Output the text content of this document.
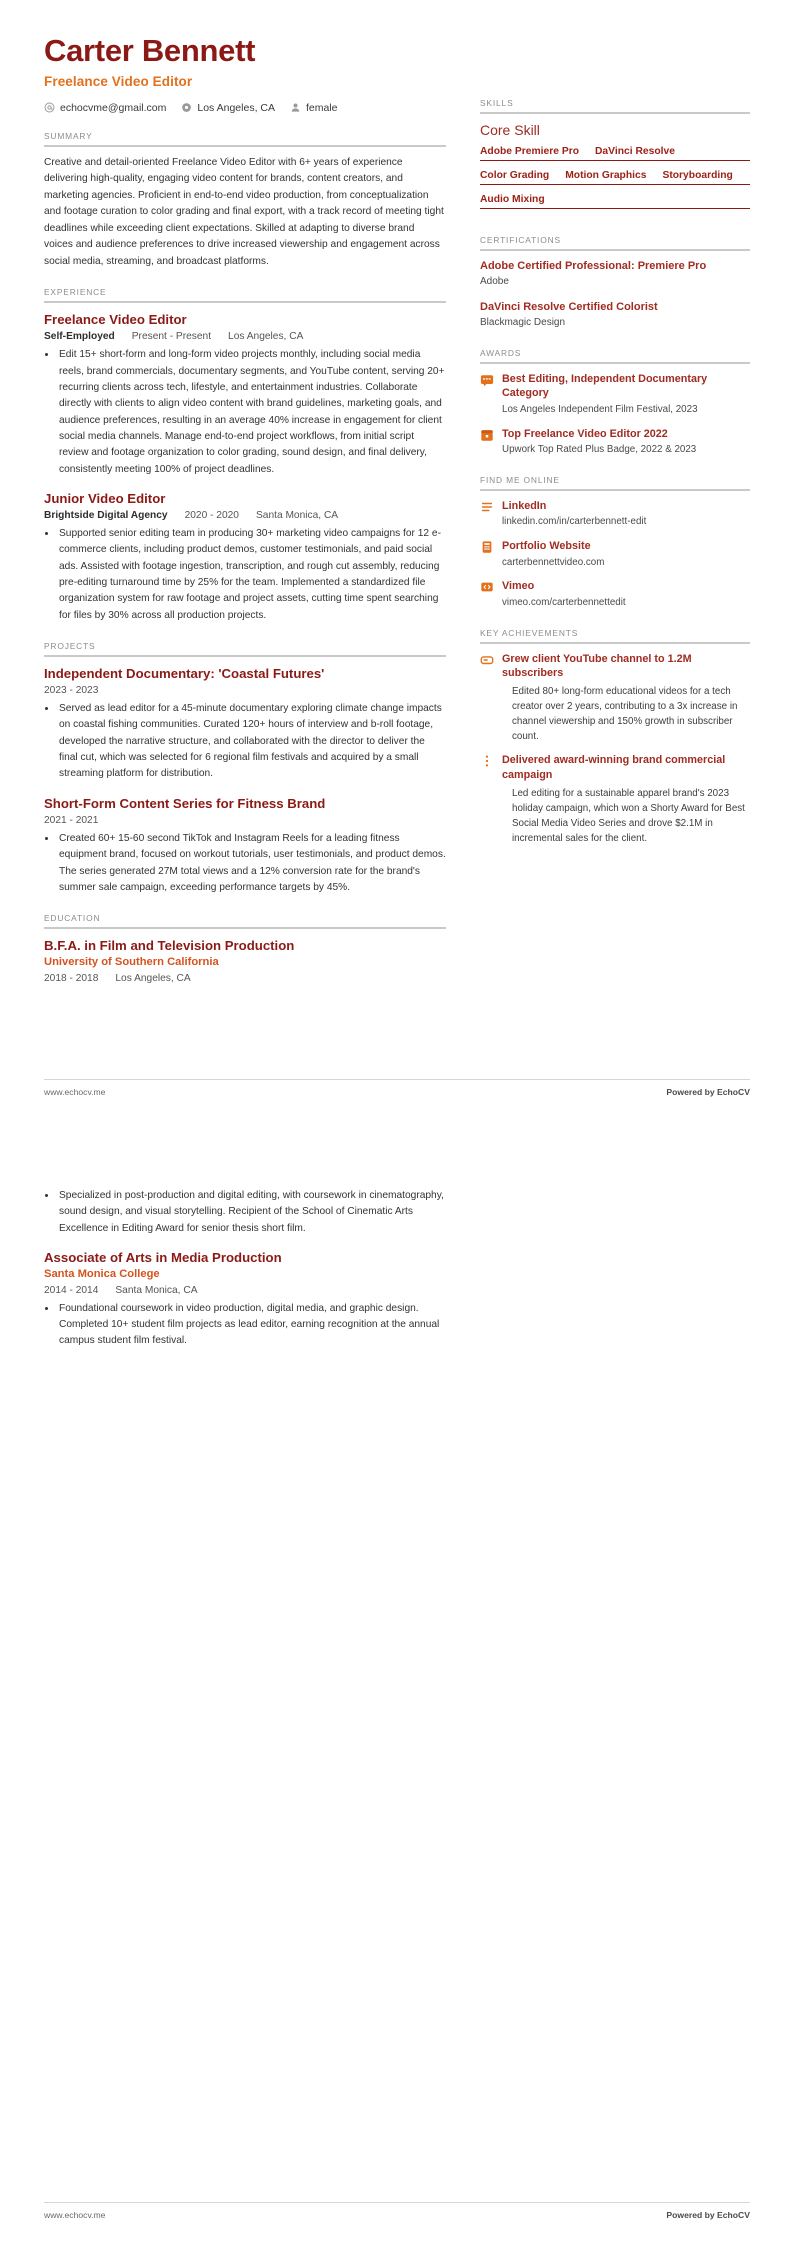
Carter Bennett
Freelance Video Editor
echocvme@gmail.com	Los Angeles, CA	female
SUMMARY
Creative and detail-oriented Freelance Video Editor with 6+ years of experience delivering high-quality, engaging video content for brands, content creators, and marketing agencies. Proficient in end-to-end video production, from conceptualization and footage curation to color grading and final export, with a track record of meeting tight deadlines while exceeding client expectations. Skilled at adapting to diverse brand voices and audience preferences to drive increased viewership and engagement across social media, streaming, and broadcast platforms.
EXPERIENCE
Freelance Video Editor
Self-Employed Present - Present Los Angeles, CA
• Edit 15+ short-form and long-form video projects monthly, including social media reels, brand commercials, documentary segments, and YouTube content, serving 20+ recurring clients across tech, lifestyle, and entertainment industries. Collaborate directly with clients to align video content with brand guidelines, marketing goals, and audience preferences, resulting in an average 40% increase in engagement for client social media channels. Manage end-to-end project workflows, from initial script review and footage organization to color grading, sound design, and final delivery, consistently meeting 100% of project deadlines.
Junior Video Editor
Brightside Digital Agency 2020 - 2020 Santa Monica, CA
• Supported senior editing team in producing 30+ marketing video campaigns for 12 e-commerce clients, including product demos, customer testimonials, and paid social ads. Assisted with footage ingestion, transcription, and rough cut assembly, reducing pre-editing turnaround time by 25% for the team. Implemented a standardized file organization system for raw footage and project assets, cutting time spent searching for files by 30% across all production projects.
PROJECTS
Independent Documentary: 'Coastal Futures'
2023 - 2023
• Served as lead editor for a 45-minute documentary exploring climate change impacts on coastal fishing communities. Curated 120+ hours of interview and b-roll footage, developed the narrative structure, and collaborated with the director to deliver the final cut, which was selected for 6 regional film festivals and acquired by a small streaming platform for distribution.
Short-Form Content Series for Fitness Brand
2021 - 2021
• Created 60+ 15-60 second TikTok and Instagram Reels for a leading fitness equipment brand, focused on workout tutorials, user testimonials, and product demos. The series generated 27M total views and a 12% conversion rate for the brand's summer sale campaign, exceeding performance targets by 45%.
EDUCATION
B.F.A. in Film and Television Production
University of Southern California
2018 - 2018 Los Angeles, CA
SKILLS
Core Skill
Adobe Premiere Pro DaVinci Resolve
Color Grading Motion Graphics Storyboarding
Audio Mixing
CERTIFICATIONS
Adobe Certified Professional: Premiere Pro
Adobe
DaVinci Resolve Certified Colorist
Blackmagic Design
AWARDS
Best Editing, Independent Documentary Category
Los Angeles Independent Film Festival, 2023
Top Freelance Video Editor 2022
Upwork Top Rated Plus Badge, 2022 & 2023
FIND ME ONLINE
LinkedIn
linkedin.com/in/carterbennett-edit
Portfolio Website
carterbennettvideo.com
Vimeo
vimeo.com/carterbennettedit
KEY ACHIEVEMENTS
Grew client YouTube channel to 1.2M subscribers
Edited 80+ long-form educational videos for a tech creator over 2 years, contributing to a 3x increase in channel viewership and 150% growth in subscriber count.
Delivered award-winning brand commercial campaign
Led editing for a sustainable apparel brand's 2023 holiday campaign, which won a Shorty Award for Best Social Media Video Series and drove $2.1M in incremental sales for the client.
www.echocv.me	Powered by EchoCV
• Specialized in post-production and digital editing, with coursework in cinematography, sound design, and visual storytelling. Recipient of the School of Cinematic Arts Excellence in Editing Award for senior thesis short film.
Associate of Arts in Media Production
Santa Monica College
2014 - 2014 Santa Monica, CA
• Foundational coursework in video production, digital media, and graphic design. Completed 10+ student film projects as lead editor, earning recognition at the annual campus student film festival.
www.echocv.me	Powered by EchoCV
